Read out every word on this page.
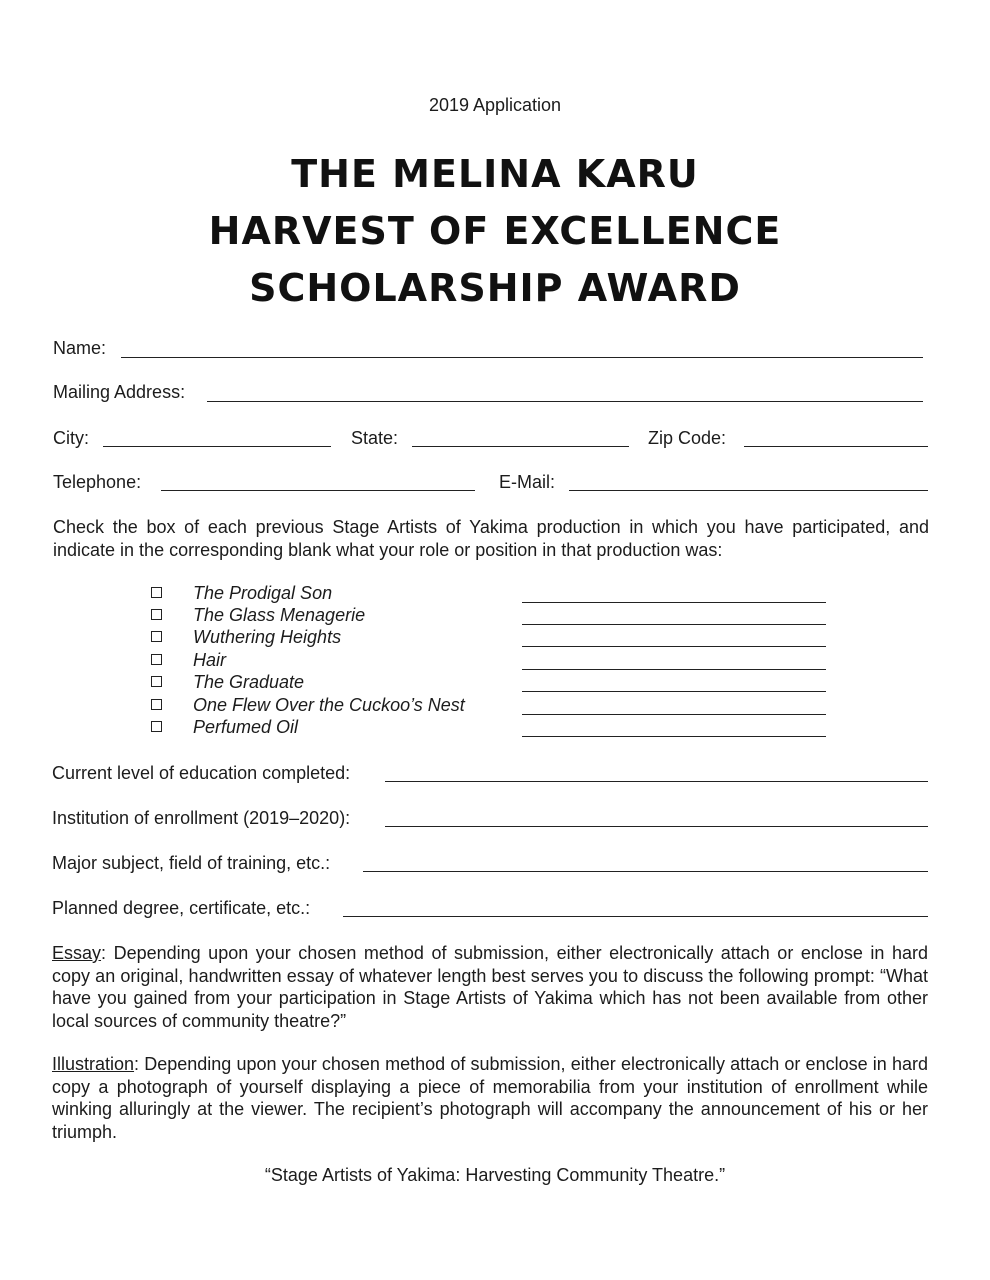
2019 Application
THE MELINA KARU
HARVEST OF EXCELLENCE
SCHOLARSHIP AWARD
Name:
Mailing Address:
City:	State:	Zip Code:
Telephone:	E-Mail:
Check the box of each previous Stage Artists of Yakima production in which you have participated, and indicate in the corresponding blank what your role or position in that production was:
The Prodigal Son
The Glass Menagerie
Wuthering Heights
Hair
The Graduate
One Flew Over the Cuckoo’s Nest
Perfumed Oil
Current level of education completed:
Institution of enrollment (2019–2020):
Major subject, field of training, etc.:
Planned degree, certificate, etc.:
Essay: Depending upon your chosen method of submission, either electronically attach or enclose in hard copy an original, handwritten essay of whatever length best serves you to discuss the following prompt: “What have you gained from your participation in Stage Artists of Yakima which has not been available from other local sources of community theatre?”
Illustration: Depending upon your chosen method of submission, either electronically attach or enclose in hard copy a photograph of yourself displaying a piece of memorabilia from your institution of enrollment while winking alluringly at the viewer. The recipient’s photograph will accompany the announcement of his or her triumph.
“Stage Artists of Yakima: Harvesting Community Theatre.”
